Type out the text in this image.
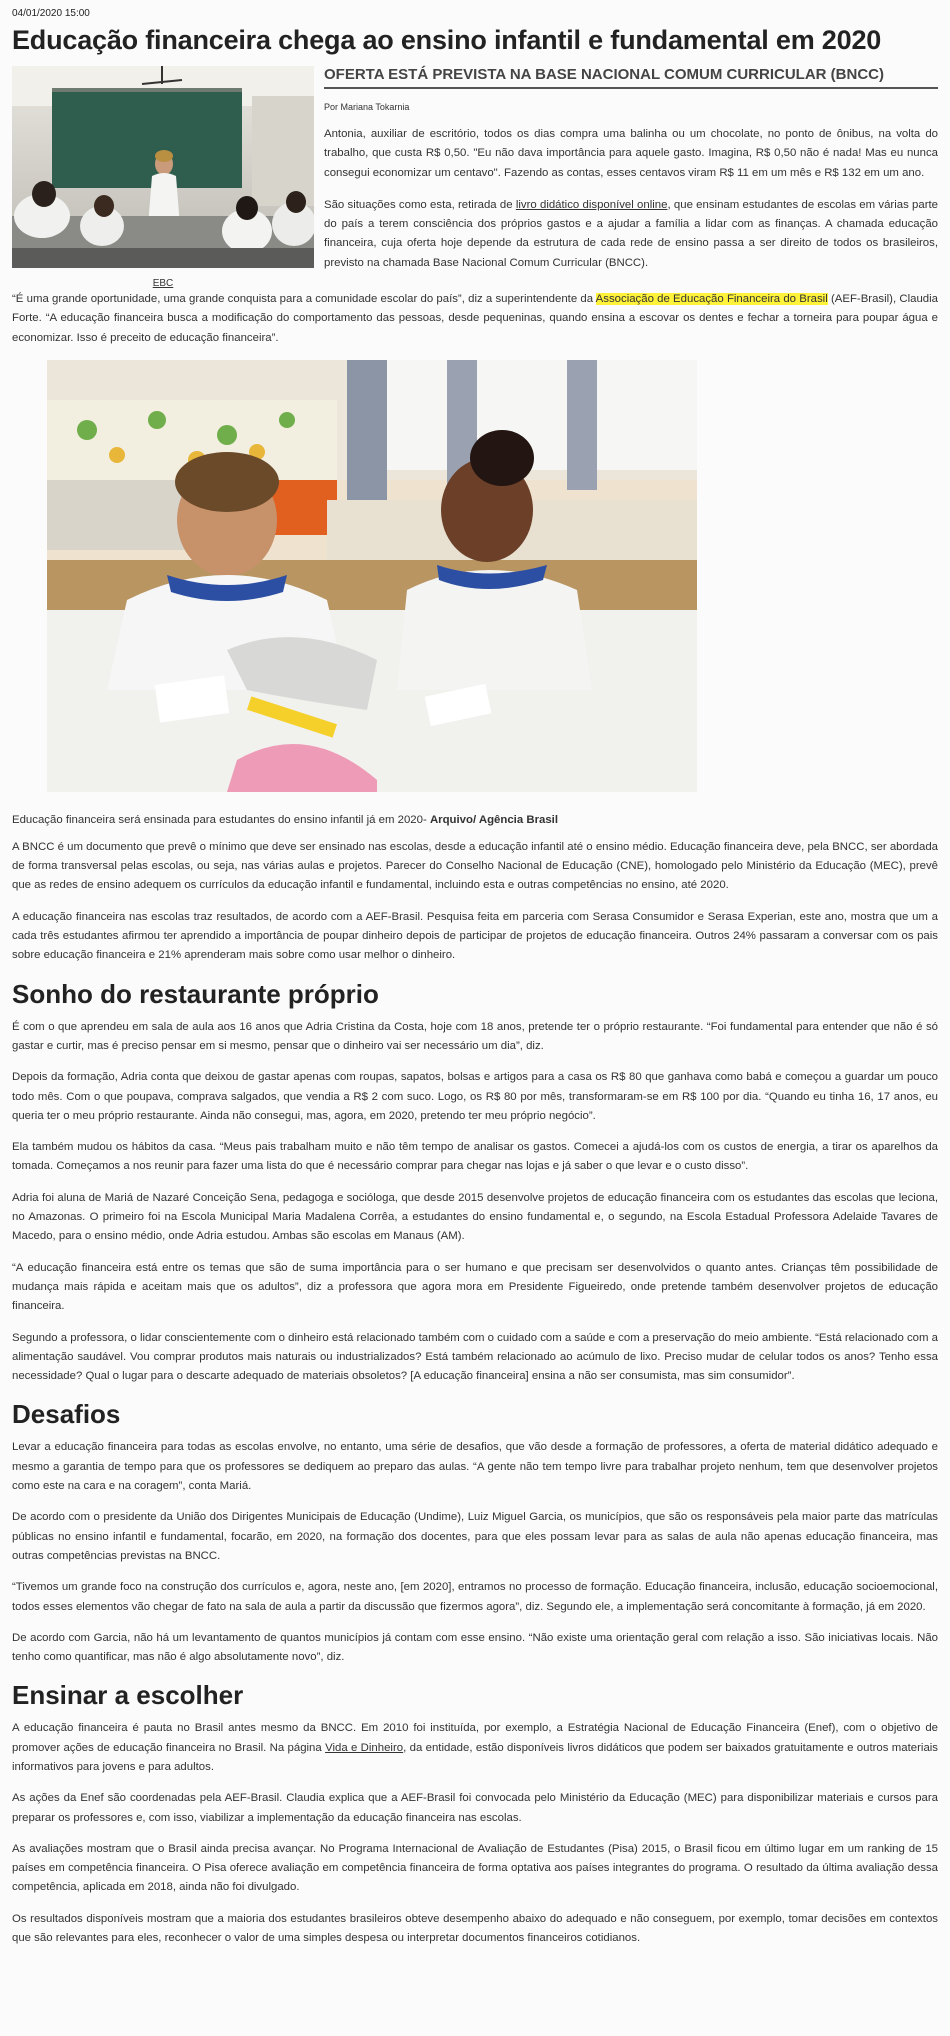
04/01/2020 15:00
Educação financeira chega ao ensino infantil e fundamental em 2020
EBC
OFERTA ESTÁ PREVISTA NA BASE NACIONAL COMUM CURRICULAR (BNCC)
Por Mariana Tokarnia

Antonia, auxiliar de escritório, todos os dias compra uma balinha ou um chocolate, no ponto de ônibus, na volta do trabalho, que custa R$ 0,50. "Eu não dava importância para aquele gasto. Imagina, R$ 0,50 não é nada! Mas eu nunca consegui economizar um centavo". Fazendo as contas, esses centavos viram R$ 11 em um mês e R$ 132 em um ano.

São situações como esta, retirada de livro didático disponível online, que ensinam estudantes de escolas em várias parte do país a terem consciência dos próprios gastos e a ajudar a família a lidar com as finanças. A chamada educação financeira, cuja oferta hoje depende da estrutura de cada rede de ensino passa a ser direito de todos os brasileiros, previsto na chamada Base Nacional Comum Curricular (BNCC).

“É uma grande oportunidade, uma grande conquista para a comunidade escolar do país”, diz a superintendente da Associação de Educação Financeira do Brasil (AEF-Brasil), Claudia Forte. “A educação financeira busca a modificação do comportamento das pessoas, desde pequeninas, quando ensina a escovar os dentes e fechar a torneira para poupar água e economizar. Isso é preceito de educação financeira”.

Educação financeira será ensinada para estudantes do ensino infantil já em 2020- Arquivo/ Agência Brasil

A BNCC é um documento que prevê o mínimo que deve ser ensinado nas escolas, desde a educação infantil até o ensino médio. Educação financeira deve, pela BNCC, ser abordada de forma transversal pelas escolas, ou seja, nas várias aulas e projetos. Parecer do Conselho Nacional de Educação (CNE), homologado pelo Ministério da Educação (MEC), prevê que as redes de ensino adequem os currículos da educação infantil e fundamental, incluindo esta e outras competências no ensino, até 2020.

A educação financeira nas escolas traz resultados, de acordo com a AEF-Brasil. Pesquisa feita em parceria com Serasa Consumidor e Serasa Experian, este ano, mostra que um a cada três estudantes afirmou ter aprendido a importância de poupar dinheiro depois de participar de projetos de educação financeira. Outros 24% passaram a conversar com os pais sobre educação financeira e 21% aprenderam mais sobre como usar melhor o dinheiro.

Sonho do restaurante próprio

É com o que aprendeu em sala de aula aos 16 anos que Adria Cristina da Costa, hoje com 18 anos, pretende ter o próprio restaurante. “Foi fundamental para entender que não é só gastar e curtir, mas é preciso pensar em si mesmo, pensar que o dinheiro vai ser necessário um dia”, diz.

Depois da formação, Adria conta que deixou de gastar apenas com roupas, sapatos, bolsas e artigos para a casa os R$ 80 que ganhava como babá e começou a guardar um pouco todo mês. Com o que poupava, comprava salgados, que vendia a R$ 2 com suco. Logo, os R$ 80 por mês, transformaram-se em R$ 100 por dia. “Quando eu tinha 16, 17 anos, eu queria ter o meu próprio restaurante. Ainda não consegui, mas, agora, em 2020, pretendo ter meu próprio negócio”.

Ela também mudou os hábitos da casa. “Meus pais trabalham muito e não têm tempo de analisar os gastos. Comecei a ajudá-los com os custos de energia, a tirar os aparelhos da tomada. Começamos a nos reunir para fazer uma lista do que é necessário comprar para chegar nas lojas e já saber o que levar e o custo disso”.

Adria foi aluna de Mariá de Nazaré Conceição Sena, pedagoga e socióloga, que desde 2015 desenvolve projetos de educação financeira com os estudantes das escolas que leciona, no Amazonas. O primeiro foi na Escola Municipal Maria Madalena Corrêa, a estudantes do ensino fundamental e, o segundo, na Escola Estadual Professora Adelaide Tavares de Macedo, para o ensino médio, onde Adria estudou. Ambas são escolas em Manaus (AM).

“A educação financeira está entre os temas que são de suma importância para o ser humano e que precisam ser desenvolvidos o quanto antes. Crianças têm possibilidade de mudança mais rápida e aceitam mais que os adultos”, diz a professora que agora mora em Presidente Figueiredo, onde pretende também desenvolver projetos de educação financeira.

Segundo a professora, o lidar conscientemente com o dinheiro está relacionado também com o cuidado com a saúde e com a preservação do meio ambiente. “Está relacionado com a alimentação saudável. Vou comprar produtos mais naturais ou industrializados? Está também relacionado ao acúmulo de lixo. Preciso mudar de celular todos os anos? Tenho essa necessidade? Qual o lugar para o descarte adequado de materiais obsoletos? [A educação financeira] ensina a não ser consumista, mas sim consumidor”.

Desafios

Levar a educação financeira para todas as escolas envolve, no entanto, uma série de desafios, que vão desde a formação de professores, a oferta de material didático adequado e mesmo a garantia de tempo para que os professores se dediquem ao preparo das aulas. “A gente não tem tempo livre para trabalhar projeto nenhum, tem que desenvolver projetos como este na cara e na coragem”, conta Mariá.

De acordo com o presidente da União dos Dirigentes Municipais de Educação (Undime), Luiz Miguel Garcia, os municípios, que são os responsáveis pela maior parte das matrículas públicas no ensino infantil e fundamental, focarão, em 2020, na formação dos docentes, para que eles possam levar para as salas de aula não apenas educação financeira, mas outras competências previstas na BNCC.

“Tivemos um grande foco na construção dos currículos e, agora, neste ano, [em 2020], entramos no processo de formação. Educação financeira, inclusão, educação socioemocional, todos esses elementos vão chegar de fato na sala de aula a partir da discussão que fizermos agora”, diz. Segundo ele, a implementação será concomitante à formação, já em 2020.

De acordo com Garcia, não há um levantamento de quantos municípios já contam com esse ensino. “Não existe uma orientação geral com relação a isso. São iniciativas locais. Não tenho como quantificar, mas não é algo absolutamente novo”, diz.

Ensinar a escolher

A educação financeira é pauta no Brasil antes mesmo da BNCC. Em 2010 foi instituída, por exemplo, a Estratégia Nacional de Educação Financeira (Enef), com o objetivo de promover ações de educação financeira no Brasil. Na página Vida e Dinheiro, da entidade, estão disponíveis livros didáticos que podem ser baixados gratuitamente e outros materiais informativos para jovens e para adultos.

As ações da Enef são coordenadas pela AEF-Brasil. Claudia explica que a AEF-Brasil foi convocada pelo Ministério da Educação (MEC) para disponibilizar materiais e cursos para preparar os professores e, com isso, viabilizar a implementação da educação financeira nas escolas.

As avaliações mostram que o Brasil ainda precisa avançar. No Programa Internacional de Avaliação de Estudantes (Pisa) 2015, o Brasil ficou em último lugar em um ranking de 15 países em competência financeira. O Pisa oferece avaliação em competência financeira de forma optativa aos países integrantes do programa. O resultado da última avaliação dessa competência, aplicada em 2018, ainda não foi divulgado.

Os resultados disponíveis mostram que a maioria dos estudantes brasileiros obteve desempenho abaixo do adequado e não conseguem, por exemplo, tomar decisões em contextos que são relevantes para eles, reconhecer o valor de uma simples despesa ou interpretar documentos financeiros cotidianos.
